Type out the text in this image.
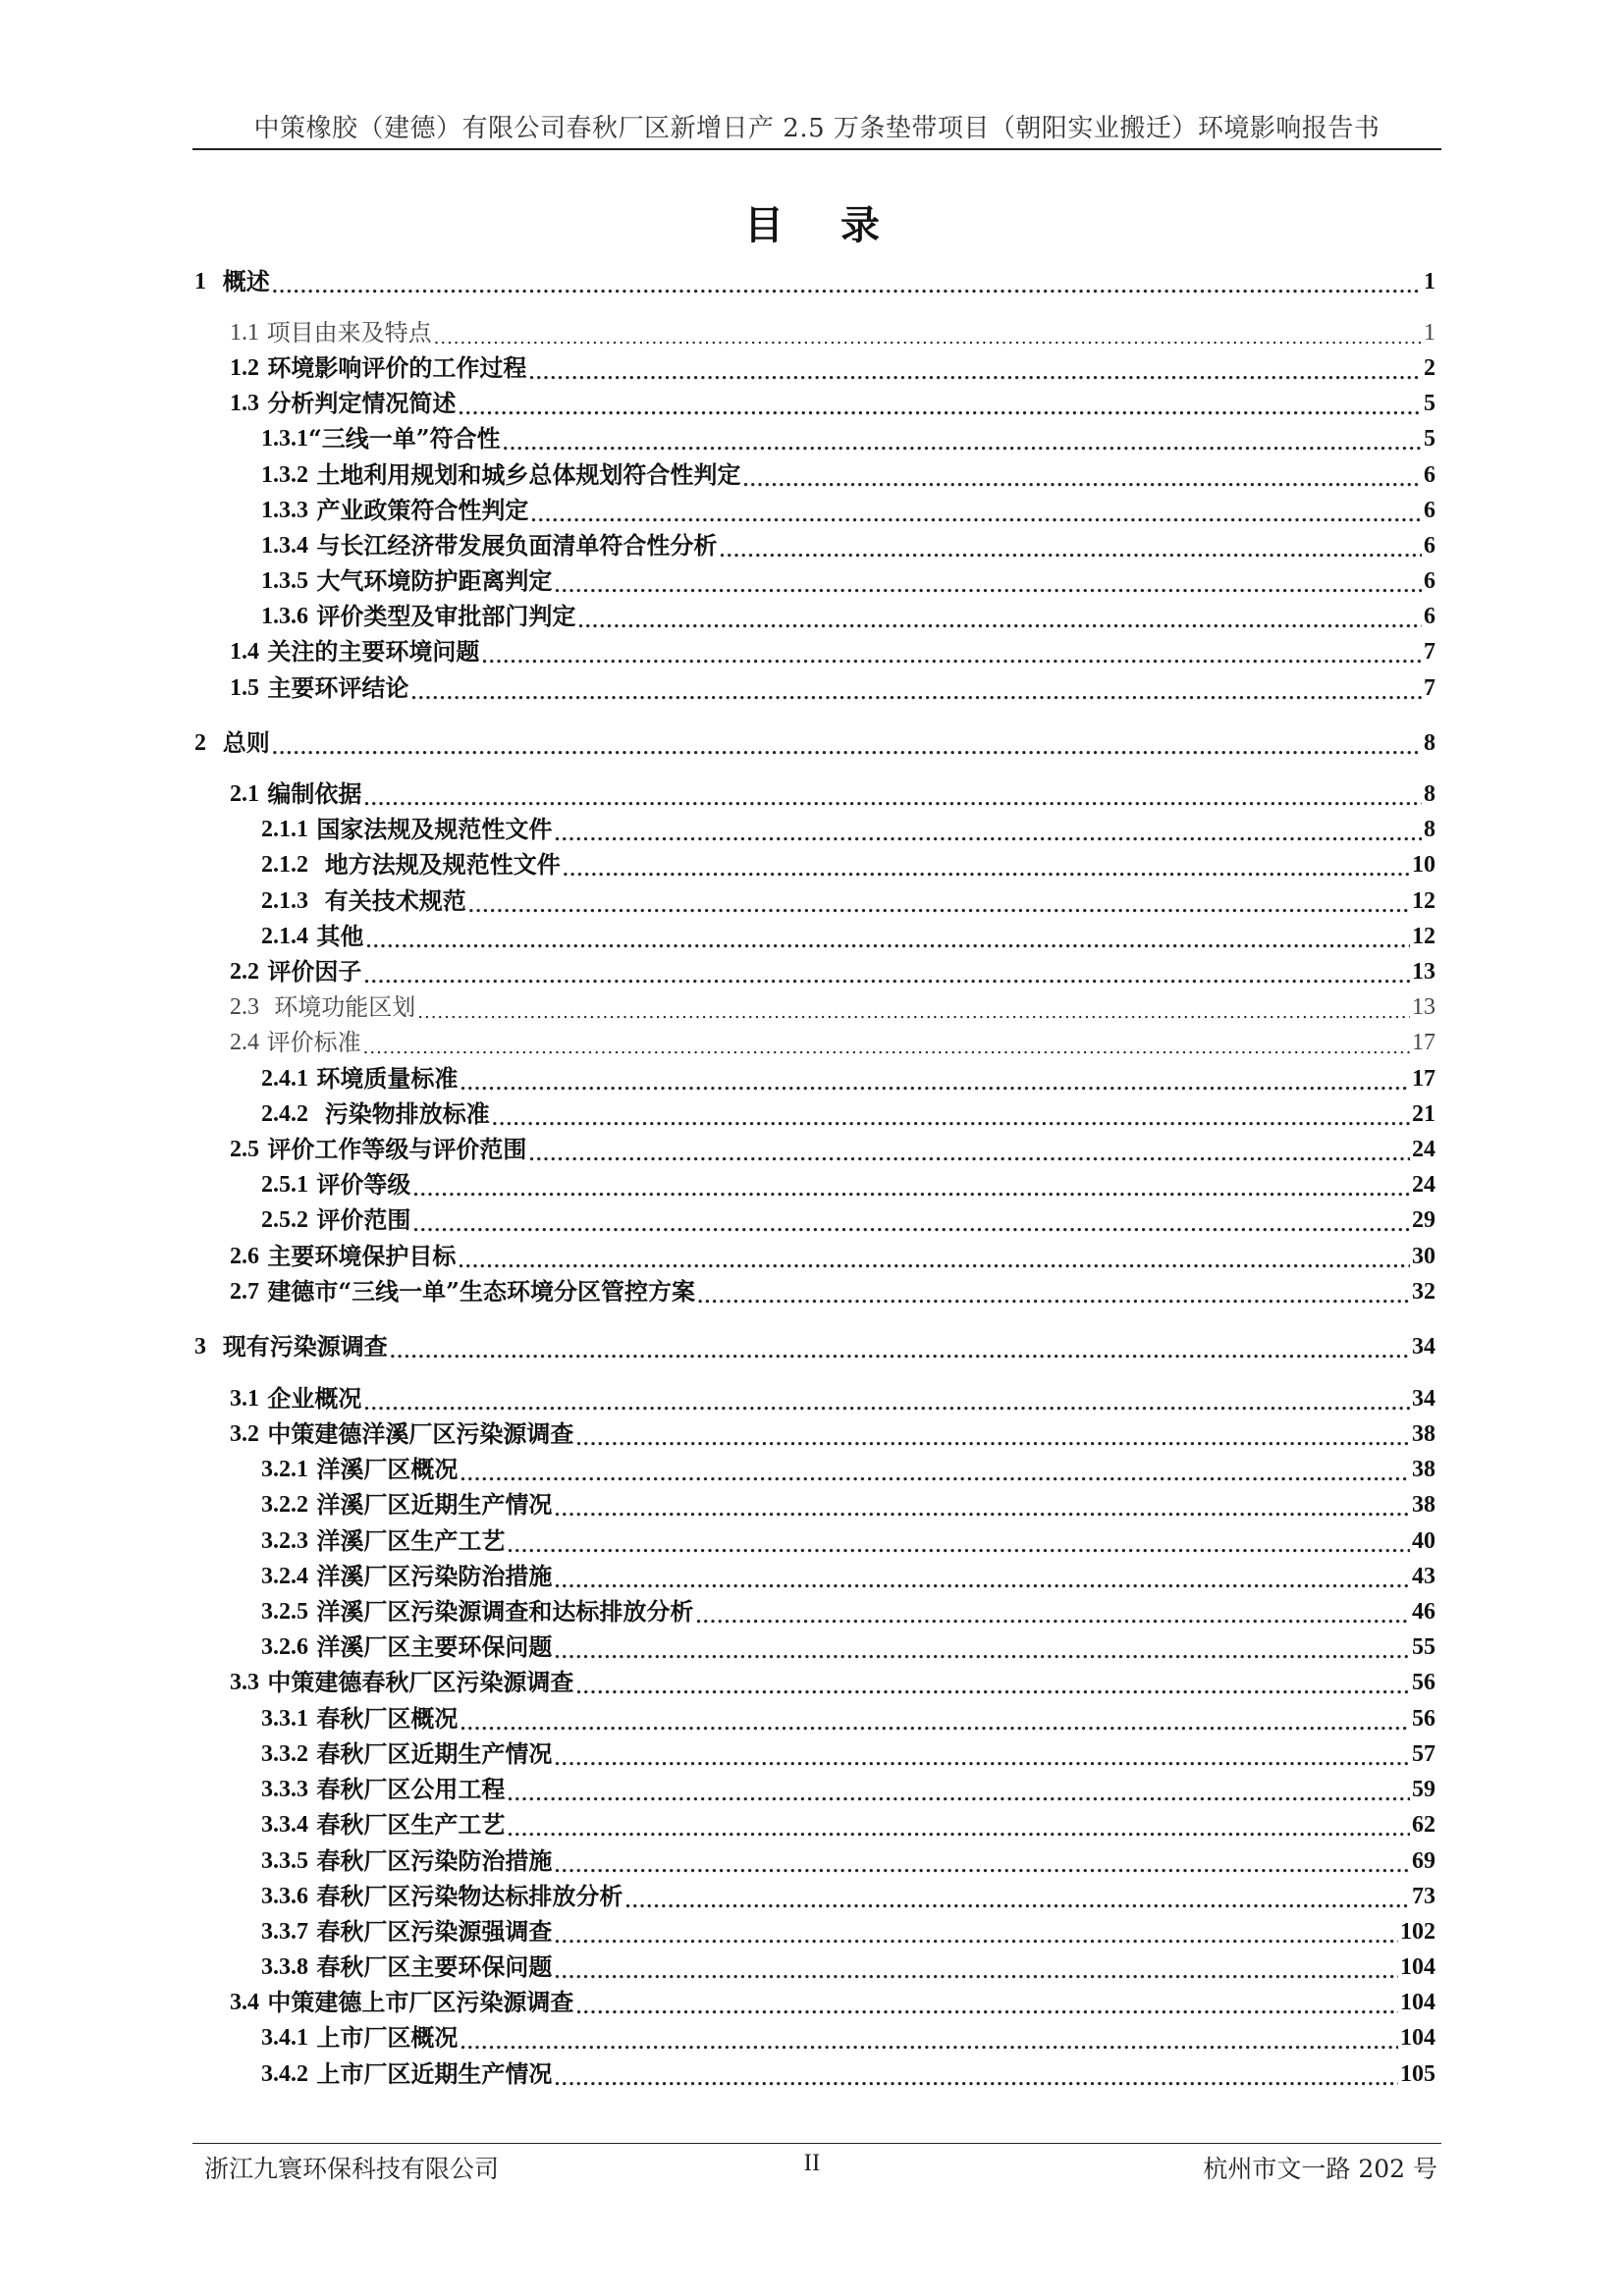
中策橡胶（建德）有限公司春秋厂区新增日产 2.5 万条垫带项目（朝阳实业搬迁）环境影响报告书
目 录
1 概述 .....	1
1.1 项目由来及特点 .....	1
1.2 环境影响评价的工作过程 .....	2
1.3 分析判定情况简述 .....	5
1.3.1 “三线一单”符合性 .....	5
1.3.2 土地利用规划和城乡总体规划符合性判定 .....	6
1.3.3 产业政策符合性判定 .....	6
1.3.4 与长江经济带发展负面清单符合性分析 .....	6
1.3.5 大气环境防护距离判定 .....	6
1.3.6 评价类型及审批部门判定 .....	6
1.4 关注的主要环境问题 .....	7
1.5 主要环评结论 .....	7
2 总则 .....	8
2.1 编制依据 .....	8
2.1.1 国家法规及规范性文件 .....	8
2.1.2 地方法规及规范性文件 .....	10
2.1.3 有关技术规范 .....	12
2.1.4 其他 .....	12
2.2 评价因子 .....	13
2.3 环境功能区划 .....	13
2.4 评价标准 .....	17
2.4.1 环境质量标准 .....	17
2.4.2 污染物排放标准 .....	21
2.5 评价工作等级与评价范围 .....	24
2.5.1 评价等级 .....	24
2.5.2 评价范围 .....	29
2.6 主要环境保护目标 .....	30
2.7 建德市“三线一单”生态环境分区管控方案 .....	32
3 现有污染源调查 .....	34
3.1 企业概况 .....	34
3.2 中策建德洋溪厂区污染源调查 .....	38
3.2.1 洋溪厂区概况 .....	38
3.2.2 洋溪厂区近期生产情况 .....	38
3.2.3 洋溪厂区生产工艺 .....	40
3.2.4 洋溪厂区污染防治措施 .....	43
3.2.5 洋溪厂区污染源调查和达标排放分析 .....	46
3.2.6 洋溪厂区主要环保问题 .....	55
3.3 中策建德春秋厂区污染源调查 .....	56
3.3.1 春秋厂区概况 .....	56
3.3.2 春秋厂区近期生产情况 .....	57
3.3.3 春秋厂区公用工程 .....	59
3.3.4 春秋厂区生产工艺 .....	62
3.3.5 春秋厂区污染防治措施 .....	69
3.3.6 春秋厂区污染物达标排放分析 .....	73
3.3.7 春秋厂区污染源强调查 .....	102
3.3.8 春秋厂区主要环保问题 .....	104
3.4 中策建德上市厂区污染源调查 .....	104
3.4.1 上市厂区概况 .....	104
3.4.2 上市厂区近期生产情况 .....	105
浙江九寰环保科技有限公司	II	杭州市文一路 202 号
